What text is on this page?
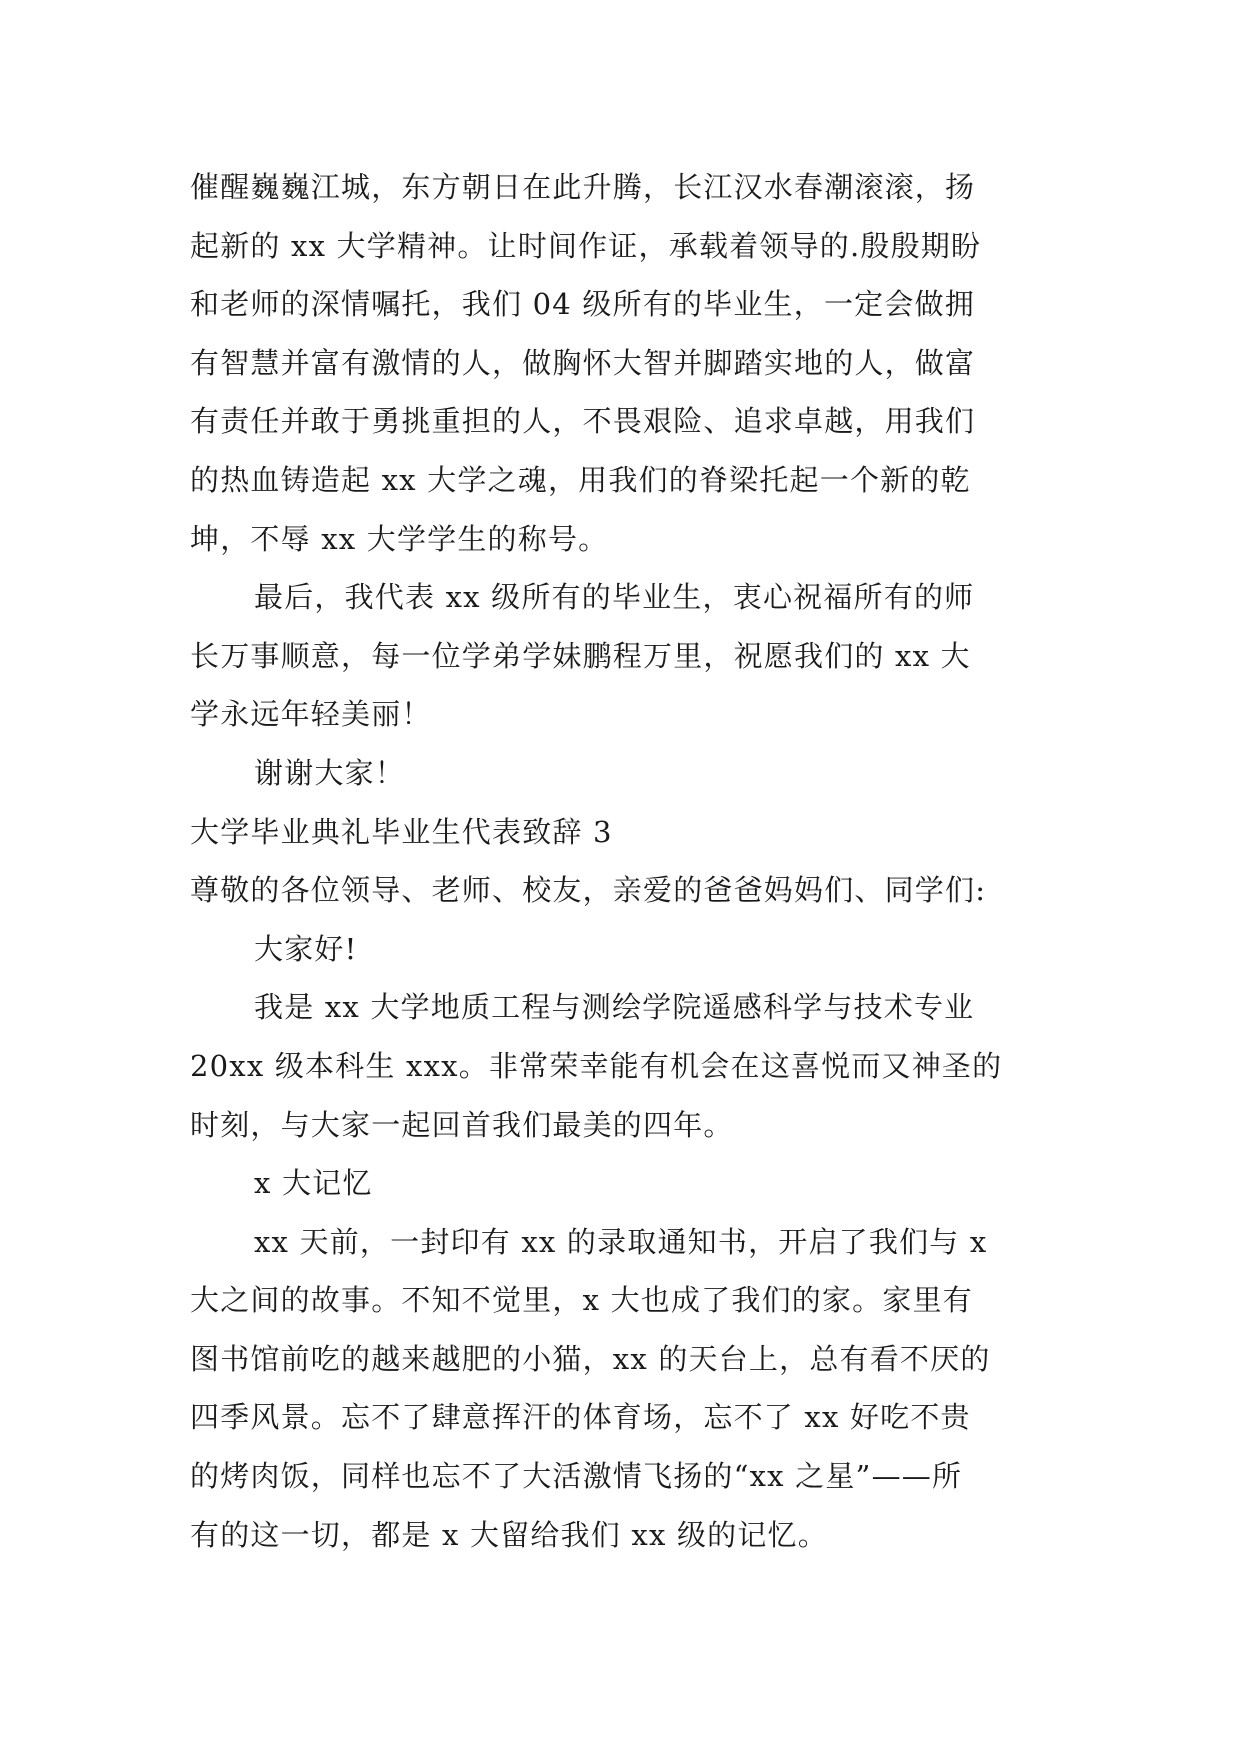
催醒巍巍江城，东方朝日在此升腾，长江汉水春潮滚滚，扬
起新的 xx 大学精神。让时间作证，承载着领导的.殷殷期盼
和老师的深情嘱托，我们 04 级所有的毕业生，一定会做拥
有智慧并富有激情的人，做胸怀大智并脚踏实地的人，做富
有责任并敢于勇挑重担的人，不畏艰险、追求卓越，用我们
的热血铸造起 xx 大学之魂，用我们的脊梁托起一个新的乾
坤，不辱 xx 大学学生的称号。
最后，我代表 xx 级所有的毕业生，衷心祝福所有的师
长万事顺意，每一位学弟学妹鹏程万里，祝愿我们的 xx 大
学永远年轻美丽！
谢谢大家！
大学毕业典礼毕业生代表致辞 3
尊敬的各位领导、老师、校友，亲爱的爸爸妈妈们、同学们:
大家好!
我是 xx 大学地质工程与测绘学院遥感科学与技术专业
20xx 级本科生 xxx。非常荣幸能有机会在这喜悦而又神圣的
时刻，与大家一起回首我们最美的四年。
x 大记忆
xx 天前，一封印有 xx 的录取通知书，开启了我们与 x
大之间的故事。不知不觉里，x 大也成了我们的家。家里有
图书馆前吃的越来越肥的小猫，xx 的天台上，总有看不厌的
四季风景。忘不了肆意挥汗的体育场，忘不了 xx 好吃不贵
的烤肉饭，同样也忘不了大活激情飞扬的“xx 之星”——所
有的这一切，都是 x 大留给我们 xx 级的记忆。
